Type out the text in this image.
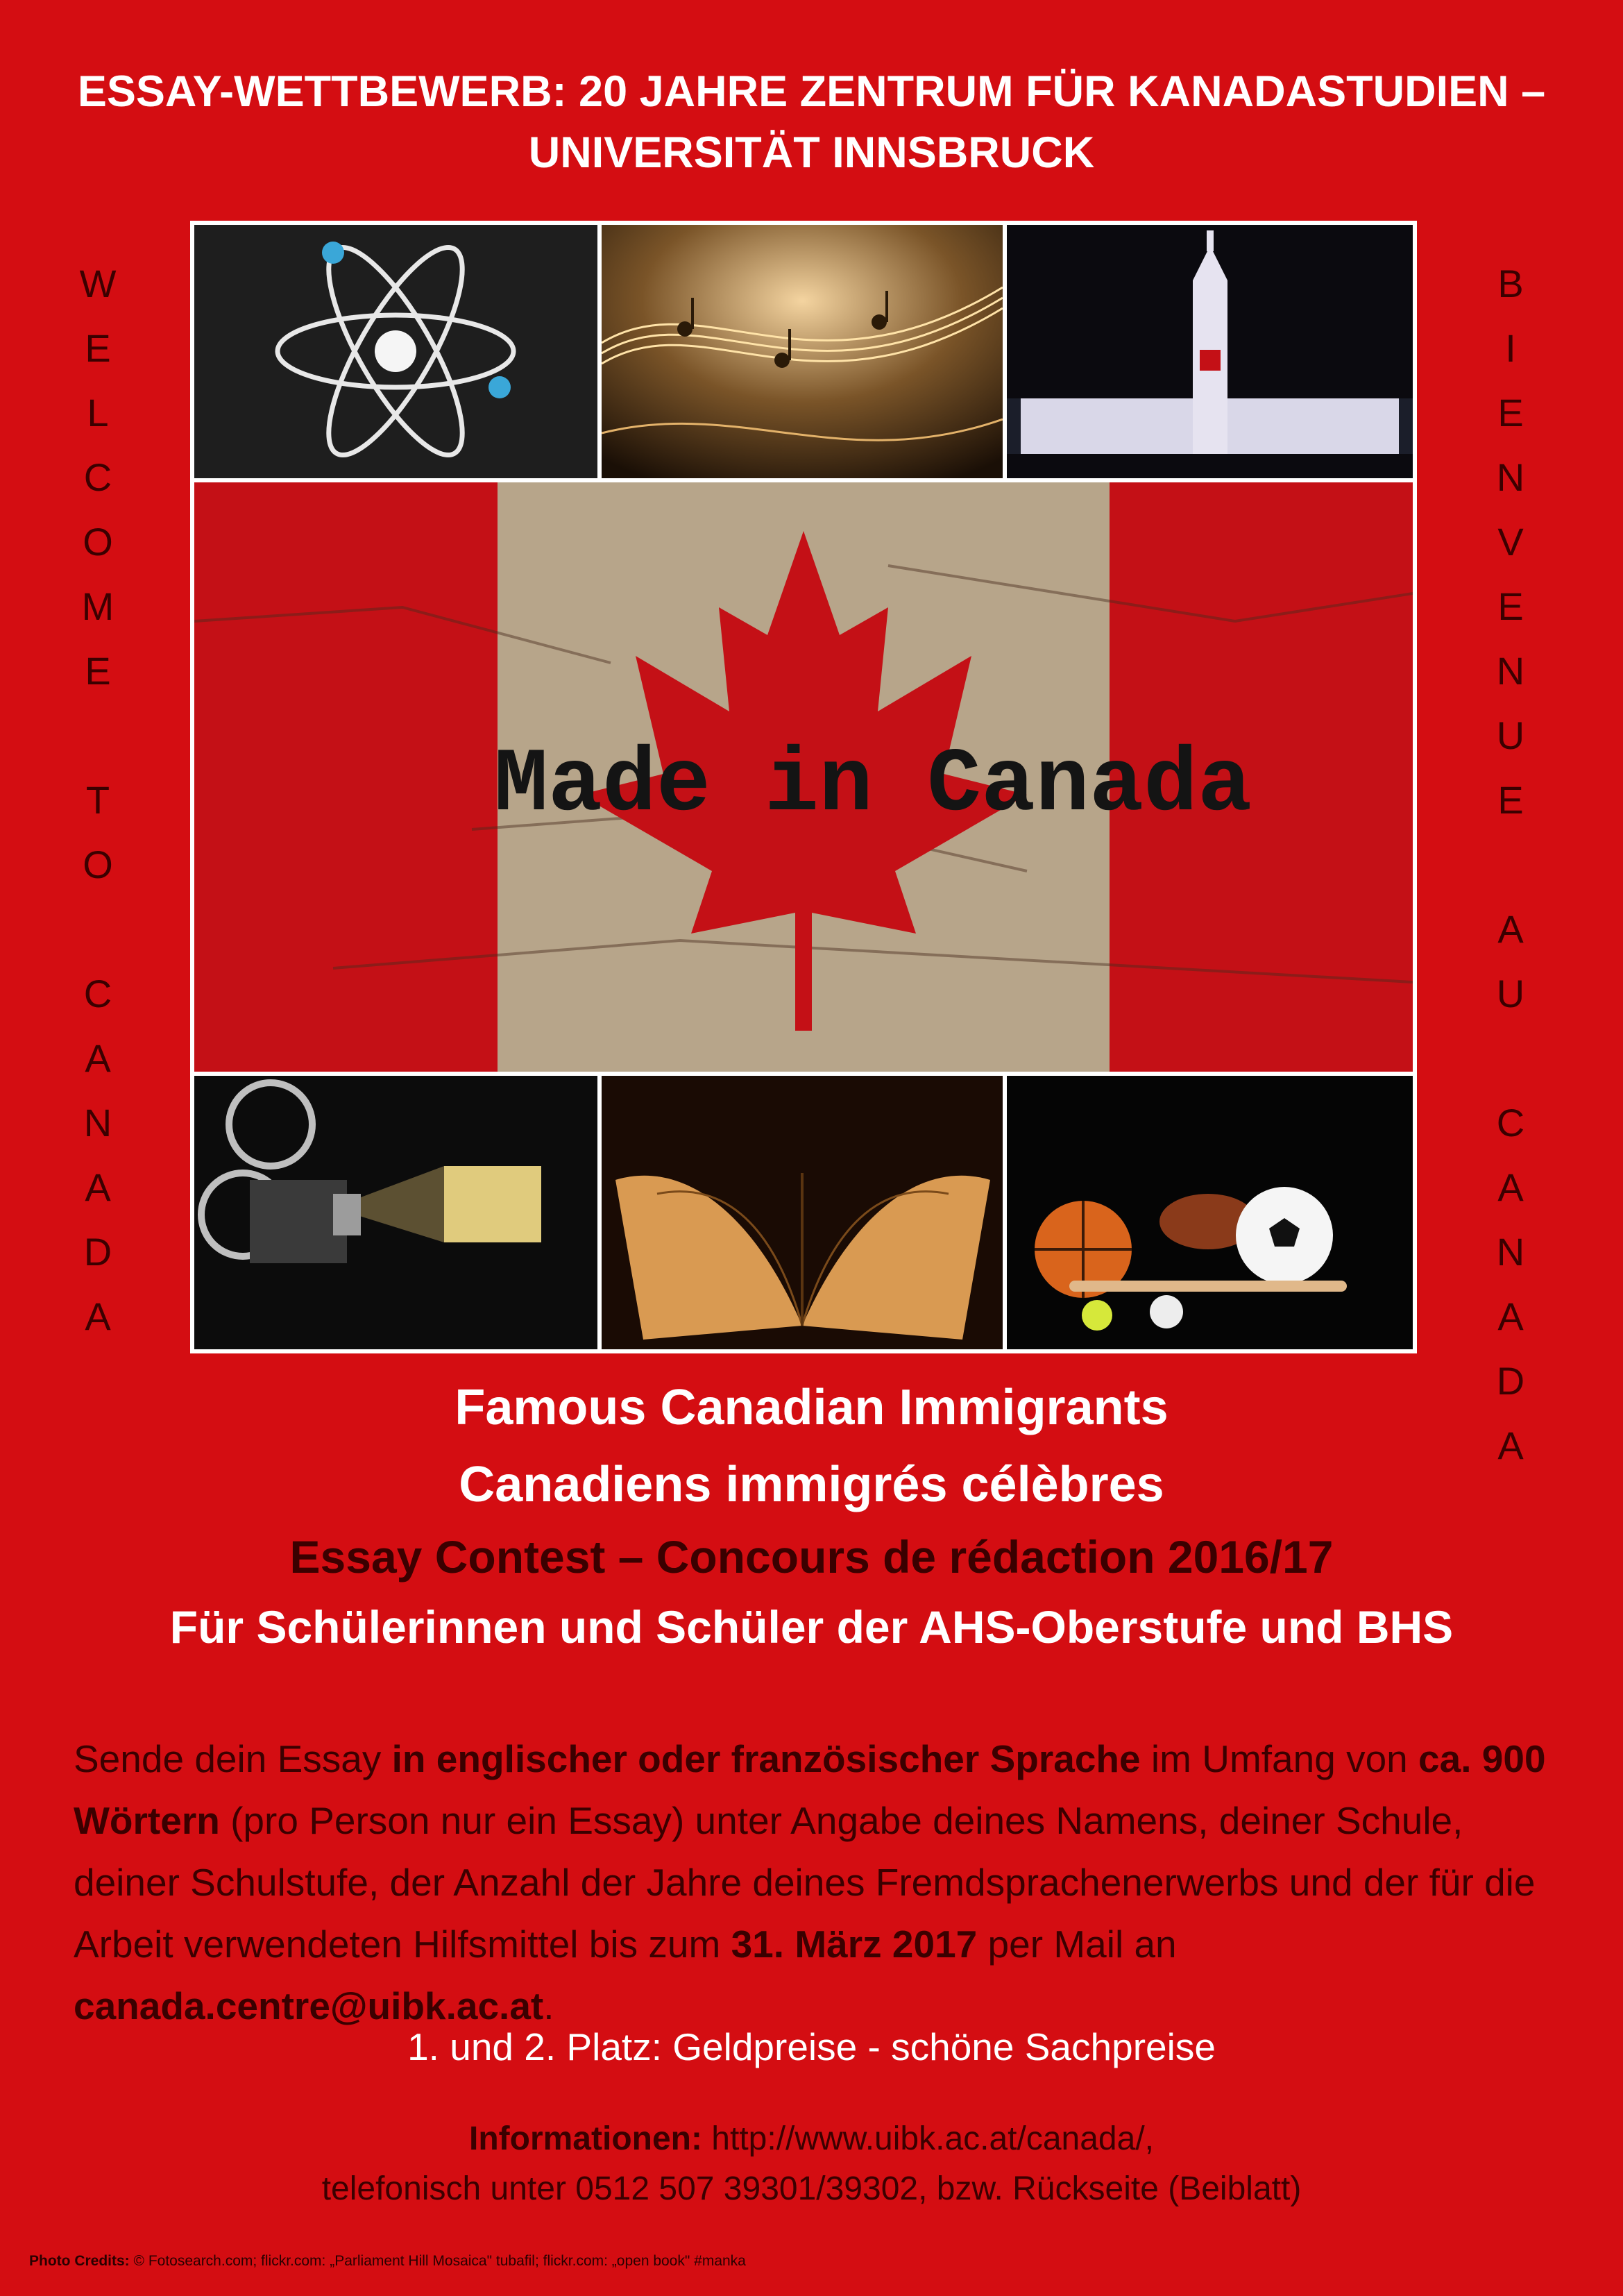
ESSAY-WETTBEWERB: 20 JAHRE ZENTRUM FÜR KANADASTUDIEN –
UNIVERSITÄT INNSBRUCK
W
E
L
C
O
M
E
T
O
C
A
N
A
D
A
B
I
E
N
V
E
N
U
E
A
U
C
A
N
A
D
A
Made in Canada
Famous Canadian Immigrants
Canadiens immigrés célèbres
Essay Contest – Concours de rédaction 2016/17
Für Schülerinnen und Schüler der AHS-Oberstufe und BHS
Sende dein Essay in englischer oder französischer Sprache im Umfang von ca. 900 Wörtern (pro Person nur ein Essay) unter Angabe deines Namens, deiner Schule, deiner Schulstufe, der Anzahl der Jahre deines Fremdsprachenerwerbs und der für die Arbeit verwendeten Hilfsmittel bis zum 31. März 2017 per Mail an canada.centre@uibk.ac.at.
1. und 2. Platz: Geldpreise - schöne Sachpreise
Informationen: http://www.uibk.ac.at/canada/,
telefonisch unter 0512 507 39301/39302, bzw. Rückseite (Beiblatt)
Photo Credits: © Fotosearch.com; flickr.com: „Parliament Hill Mosaica" tubafil; flickr.com: „open book" #manka
